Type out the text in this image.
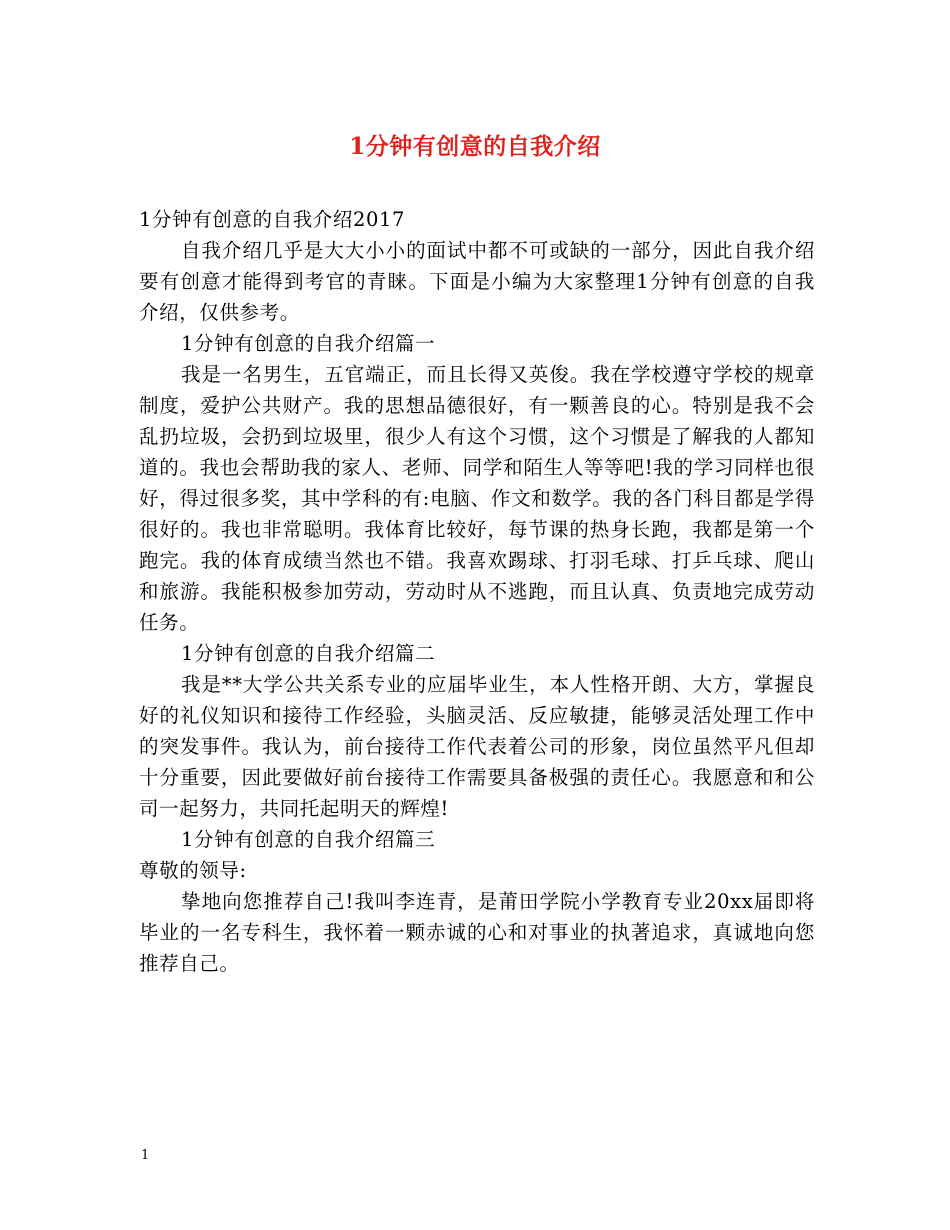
1分钟有创意的自我介绍

1分钟有创意的自我介绍2017

自我介绍几乎是大大小小的面试中都不可或缺的一部分，因此自我介绍要有创意才能得到考官的青睐。下面是小编为大家整理1分钟有创意的自我介绍，仅供参考。

1分钟有创意的自我介绍篇一

我是一名男生，五官端正，而且长得又英俊。我在学校遵守学校的规章制度，爱护公共财产。我的思想品德很好，有一颗善良的心。特别是我不会乱扔垃圾，会扔到垃圾里，很少人有这个习惯，这个习惯是了解我的人都知道的。我也会帮助我的家人、老师、同学和陌生人等等吧!我的学习同样也很好，得过很多奖，其中学科的有:电脑、作文和数学。我的各门科目都是学得很好的。我也非常聪明。我体育比较好，每节课的热身长跑，我都是第一个跑完。我的体育成绩当然也不错。我喜欢踢球、打羽毛球、打乒乓球、爬山和旅游。我能积极参加劳动，劳动时从不逃跑，而且认真、负责地完成劳动任务。

1分钟有创意的自我介绍篇二

我是**大学公共关系专业的应届毕业生，本人性格开朗、大方，掌握良好的礼仪知识和接待工作经验，头脑灵活、反应敏捷，能够灵活处理工作中的突发事件。我认为，前台接待工作代表着公司的形象，岗位虽然平凡但却十分重要，因此要做好前台接待工作需要具备极强的责任心。我愿意和和公司一起努力，共同托起明天的辉煌!

1分钟有创意的自我介绍篇三

尊敬的领导:

挚地向您推荐自己!我叫李连青，是莆田学院小学教育专业20xx届即将毕业的一名专科生，我怀着一颗赤诚的心和对事业的执著追求，真诚地向您推荐自己。

1
